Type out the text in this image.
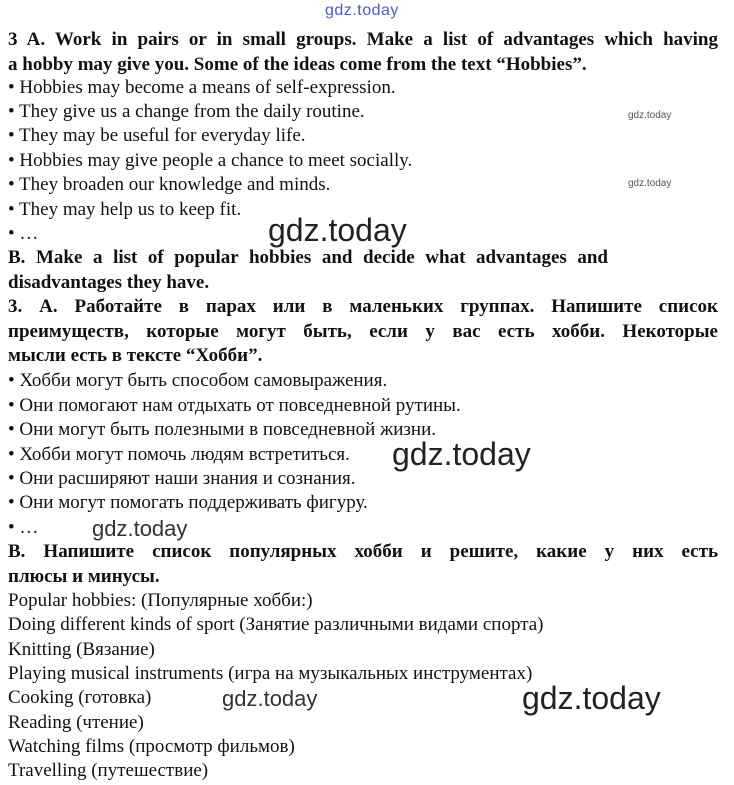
gdz.today
gdz.today
gdz.today
3 A. Work in pairs or in small groups. Make a list of advantages which having
a hobby may give you. Some of the ideas come from the text “Hobbies”.
• Hobbies may become a means of self-expression.
• They give us a change from the daily routine.
• They may be useful for everyday life.
• Hobbies may give people a chance to meet socially.
• They broaden our knowledge and minds.
• They may help us to keep fit.
• …	gdz.today
B. Make a list of popular hobbies and decide what advantages and
disadvantages they have.
3. А. Работайте в парах или в маленьких группах. Напишите список
преимуществ, которые могут быть, если у вас есть хобби. Некоторые
мысли есть в тексте “Хобби”.
• Хобби могут быть способом самовыражения.
• Они помогают нам отдыхать от повседневной рутины.
• Они могут быть полезными в повседневной жизни.
• Хобби могут помочь людям встретиться.
• Они расширяют наши знания и сознания.
• Они могут помогать поддерживать фигуру.
• …
gdz.today
gdz.today
В. Напишите список популярных хобби и решите, какие у них есть
плюсы и минусы.
Popular hobbies: (Популярные хобби:)
Doing different kinds of sport (Занятие различными видами спорта)
Knitting (Вязание)
Playing musical instruments (игра на музыкальных инструментах)
Cooking (готовка)
Reading (чтение)
Watching films (просмотр фильмов)
Travelling (путешествие)
gdz.today	gdz.today
